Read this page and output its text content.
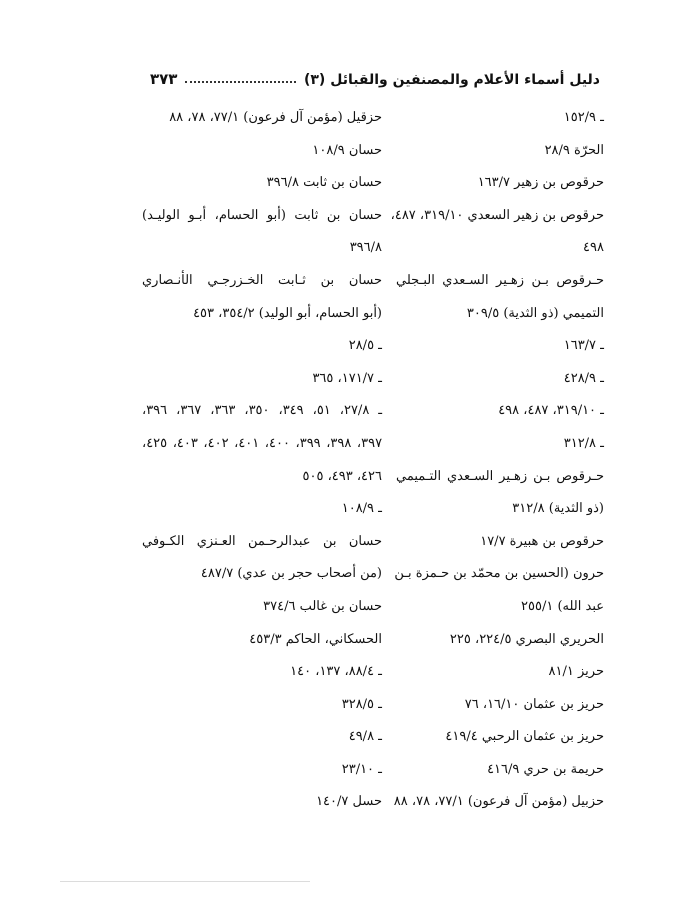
دليل أسماء الأعلام والمصنفين والقبائل (٣)
٣٧٣
ـ ١٥٢/٩
الحرّة ٢٨/٩
حرقوص بن زهير ١٦٣/٧
حرقوص بن زهير السعدي ٣١٩/١٠، ٤٨٧،
٤٩٨
حـرقوص بـن زهـير السـعدي البـجلي
التميمي (ذو الثدية) ٣٠٩/٥
ـ ١٦٣/٧
ـ ٤٢٨/٩
ـ ٣١٩/١٠، ٤٨٧، ٤٩٨
ـ ٣١٢/٨
حـرقوص بـن زهـير السـعدي التـميمي
(ذو الثدية) ٣١٢/٨
حرقوص بن هبيرة ١٧/٧
حرون (الحسين بن محمّد بن حـمزة بـن
عبد الله) ٢٥٥/١
الحريري البصري ٢٢٤/٥، ٢٢٥
حريز ٨١/١
حريز بن عثمان ١٦/١٠، ٧٦
حريز بن عثمان الرحبي ٤١٩/٤
حريمة بن حري ٤١٦/٩
حزبيل (مؤمن آل فرعون) ٧٧/١، ٧٨، ٨٨
حزقيل (مؤمن آل فرعون) ٧٧/١، ٧٨، ٨٨
حسان ١٠٨/٩
حسان بن ثابت ٣٩٦/٨
حسان بن ثابت (أبو الحسام، أبـو الوليـد)
٣٩٦/٨
حسان بن ثـابت الخـزرجـي الأنـصاري
(أبو الحسام، أبو الوليد) ٣٥٤/٢، ٤٥٣
ـ ٢٨/٥
ـ ١٧١/٧، ٣٦٥
ـ ٢٧/٨، ٥١، ٣٤٩، ٣٥٠، ٣٦٣، ٣٦٧، ٣٩٦،
٣٩٧، ٣٩٨، ٣٩٩، ٤٠٠، ٤٠١، ٤٠٢، ٤٠٣، ٤٢٥،
٤٢٦، ٤٩٣، ٥٠٥
ـ ١٠٨/٩
حسان بن عبدالرحـمن العـنزي الكـوفي
(من أصحاب حجر بن عدي) ٤٨٧/٧
حسان بن غالب ٣٧٤/٦
الحسكاني، الحاكم ٤٥٣/٣
ـ ٨٨/٤، ١٣٧، ١٤٠
ـ ٣٢٨/٥
ـ ٤٩/٨
ـ ٢٣/١٠
حسل ١٤٠/٧
